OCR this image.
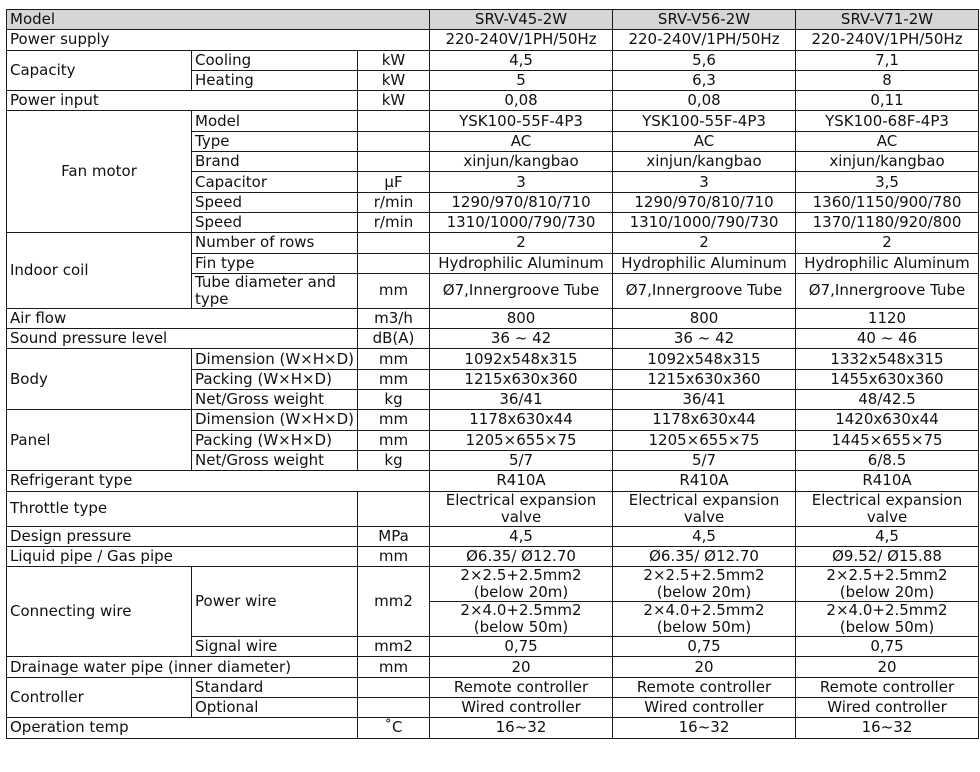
Model			SRV-V45-2W	SRV-V56-2W	SRV-V71-2W
Power supply			220-240V/1PH/50Hz	220-240V/1PH/50Hz	220-240V/1PH/50Hz
Capacity	Cooling	kW	4,5	5,6	7,1
	Heating	kW	5	6,3	8
Power input		kW	0,08	0,08	0,11
Fan motor	Model		YSK100-55F-4P3	YSK100-55F-4P3	YSK100-68F-4P3
	Type		AC	AC	AC
	Brand		xinjun/kangbao	xinjun/kangbao	xinjun/kangbao
	Capacitor	μF	3	3	3,5
	Speed	r/min	1290/970/810/710	1290/970/810/710	1360/1150/900/780
	Speed	r/min	1310/1000/790/730	1310/1000/790/730	1370/1180/920/800
Indoor coil	Number of rows		2	2	2
	Fin type		Hydrophilic Aluminum	Hydrophilic Aluminum	Hydrophilic Aluminum
	Tube diameter and type	mm	Ø7,Innergroove Tube	Ø7,Innergroove Tube	Ø7,Innergroove Tube
Air flow		m3/h	800	800	1120
Sound pressure level		dB(A)	36 ~ 42	36 ~ 42	40 ~ 46
Body	Dimension (W×H×D)	mm	1092x548x315	1092x548x315	1332x548x315
	Packing (W×H×D)	mm	1215x630x360	1215x630x360	1455x630x360
	Net/Gross weight	kg	36/41	36/41	48/42.5
Panel	Dimension (W×H×D)	mm	1178x630x44	1178x630x44	1420x630x44
	Packing (W×H×D)	mm	1205×655×75	1205×655×75	1445×655×75
	Net/Gross weight	kg	5/7	5/7	6/8.5
Refrigerant type			R410A	R410A	R410A
Throttle type			Electrical expansion valve	Electrical expansion valve	Electrical expansion valve
Design pressure		MPa	4,5	4,5	4,5
Liquid pipe / Gas pipe		mm	Ø6.35/ Ø12.70	Ø6.35/ Ø12.70	Ø9.52/ Ø15.88
Connecting wire	Power wire	mm2	2×2.5+2.5mm2 (below 20m)	2×2.5+2.5mm2 (below 20m)	2×2.5+2.5mm2 (below 20m)
			2×4.0+2.5mm2 (below 50m)	2×4.0+2.5mm2 (below 50m)	2×4.0+2.5mm2 (below 50m)
	Signal wire	mm2	0,75	0,75	0,75
Drainage water pipe (inner diameter)		mm	20	20	20
Controller	Standard		Remote controller	Remote controller	Remote controller
	Optional		Wired controller	Wired controller	Wired controller
Operation temp		˚C	16~32	16~32	16~32
